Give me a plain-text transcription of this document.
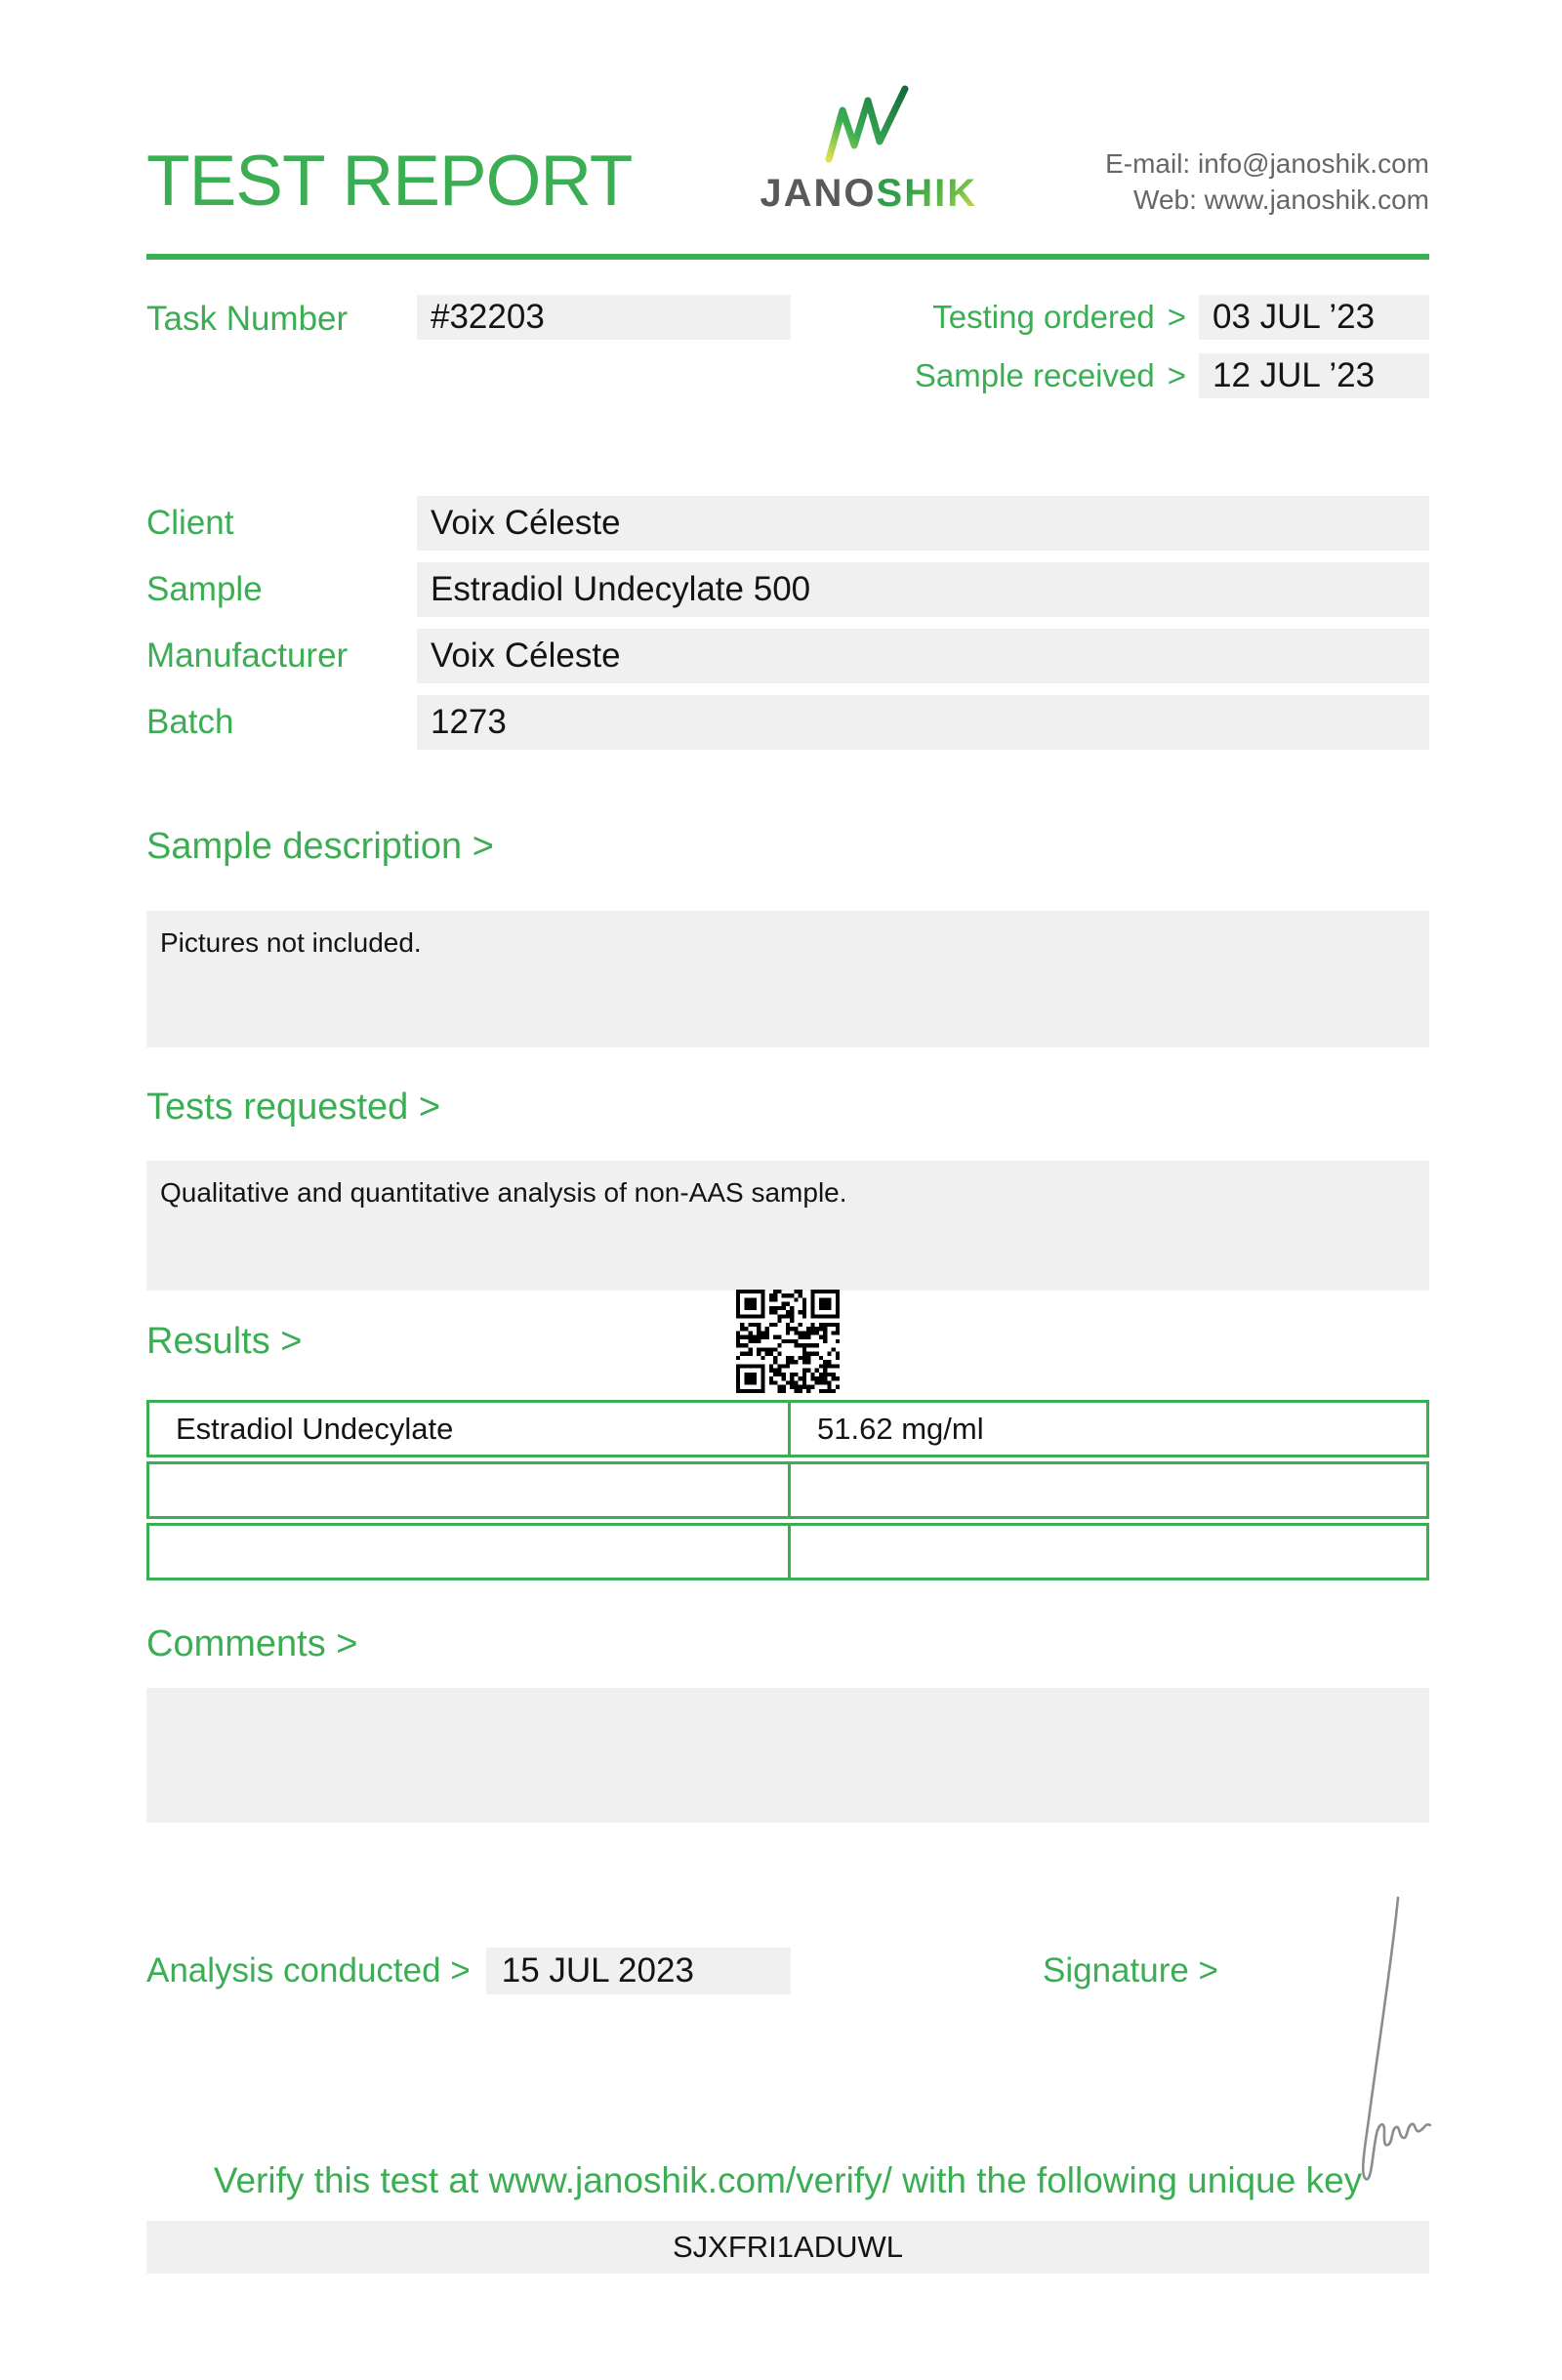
TEST REPORT	JANOSHIK
E-mail: info@janoshik.com
Web: www.janoshik.com
Task Number	#32203	Testing ordered > 03 JUL ’23
Sample received > 12 JUL ’23
Client	Voix Céleste
Sample	Estradiol Undecylate 500
Manufacturer	Voix Céleste
Batch	1273
Sample description >
Pictures not included.
Tests requested >
Qualitative and quantitative analysis of non-AAS sample.
Results >
Estradiol Undecylate	51.62 mg/ml
Comments >
Analysis conducted > 15 JUL 2023	Signature >
Verify this test at www.janoshik.com/verify/ with the following unique key
SJXFRI1ADUWL
